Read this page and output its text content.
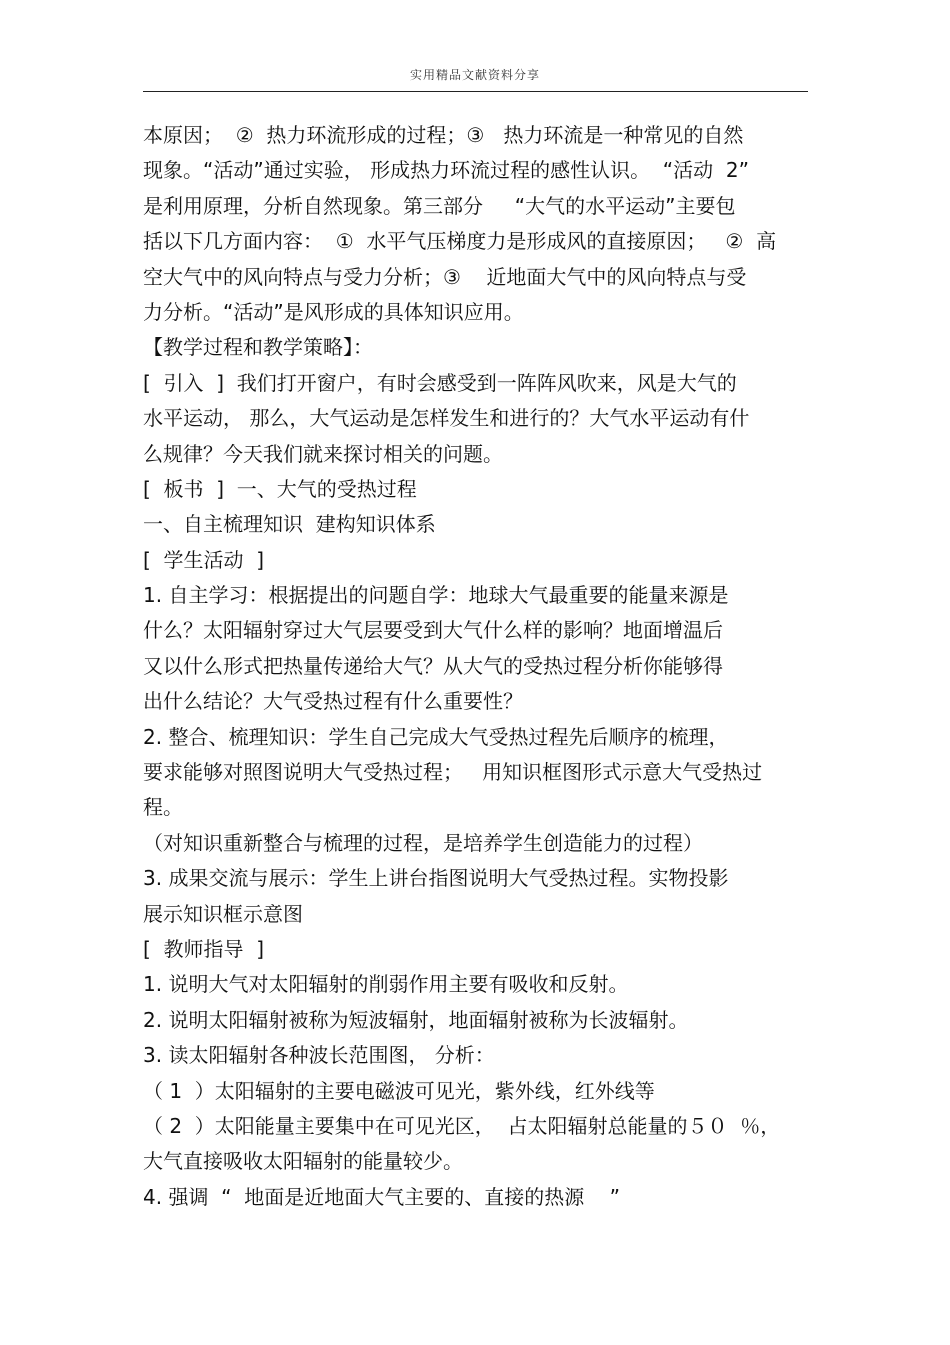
实用精品文献资料分享
本原因；  ②  热力环流形成的过程；③   热力环流是一种常见的自然
现象。“活动”通过实验， 形成热力环流过程的感性认识。  “活动  2”
是利用原理，分析自然现象。第三部分     “大气的水平运动”主要包
括以下几方面内容：  ①  水平气压梯度力是形成风的直接原因；   ②  高
空大气中的风向特点与受力分析；③    近地面大气中的风向特点与受
力分析。“活动”是风形成的具体知识应用。
【教学过程和教学策略】：
[  引入  ]  我们打开窗户，有时会感受到一阵阵风吹来，风是大气的
水平运动， 那么，大气运动是怎样发生和进行的？大气水平运动有什
么规律？今天我们就来探讨相关的问题。
[  板书  ]  一、大气的受热过程
一、自主梳理知识  建构知识体系
[  学生活动  ]
1. 自主学习：根据提出的问题自学：地球大气最重要的能量来源是
什么？太阳辐射穿过大气层要受到大气什么样的影响？地面增温后
又以什么形式把热量传递给大气？从大气的受热过程分析你能够得
出什么结论？大气受热过程有什么重要性？
2. 整合、梳理知识：学生自己完成大气受热过程先后顺序的梳理，
要求能够对照图说明大气受热过程；   用知识框图形式示意大气受热过
程。
（对知识重新整合与梳理的过程，是培养学生创造能力的过程）
3. 成果交流与展示：学生上讲台指图说明大气受热过程。实物投影
展示知识框示意图
[  教师指导  ]
1. 说明大气对太阳辐射的削弱作用主要有吸收和反射。
2. 说明太阳辐射被称为短波辐射，地面辐射被称为长波辐射。
3. 读太阳辐射各种波长范围图， 分析：
（ 1  ）太阳辐射的主要电磁波可见光，紫外线，红外线等
（ 2  ）太阳能量主要集中在可见光区，  占太阳辐射总能量的５０  ％，
大气直接吸收太阳辐射的能量较少。
4. 强调  “  地面是近地面大气主要的、直接的热源    ”
